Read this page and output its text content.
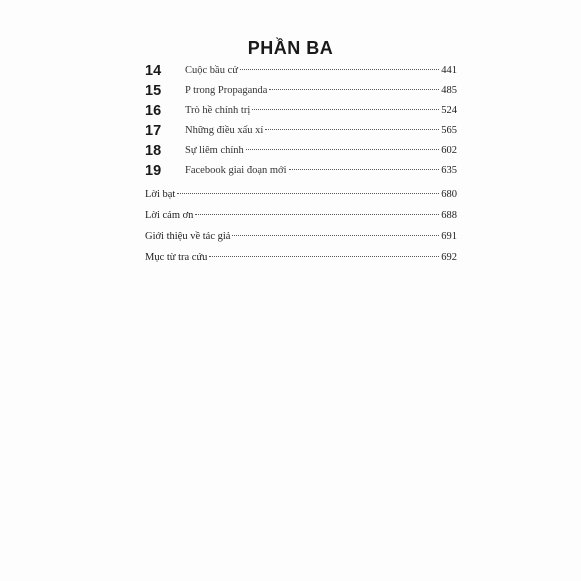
PHẦN BA
14 Cuộc bầu cử	441
15 P trong Propaganda	485
16 Trò hề chính trị	524
17 Những điều xấu xí	565
18 Sự liêm chính	602
19 Facebook giai đoạn mới	635
Lời bạt	680
Lời cảm ơn	688
Giới thiệu về tác giả	691
Mục từ tra cứu	692
